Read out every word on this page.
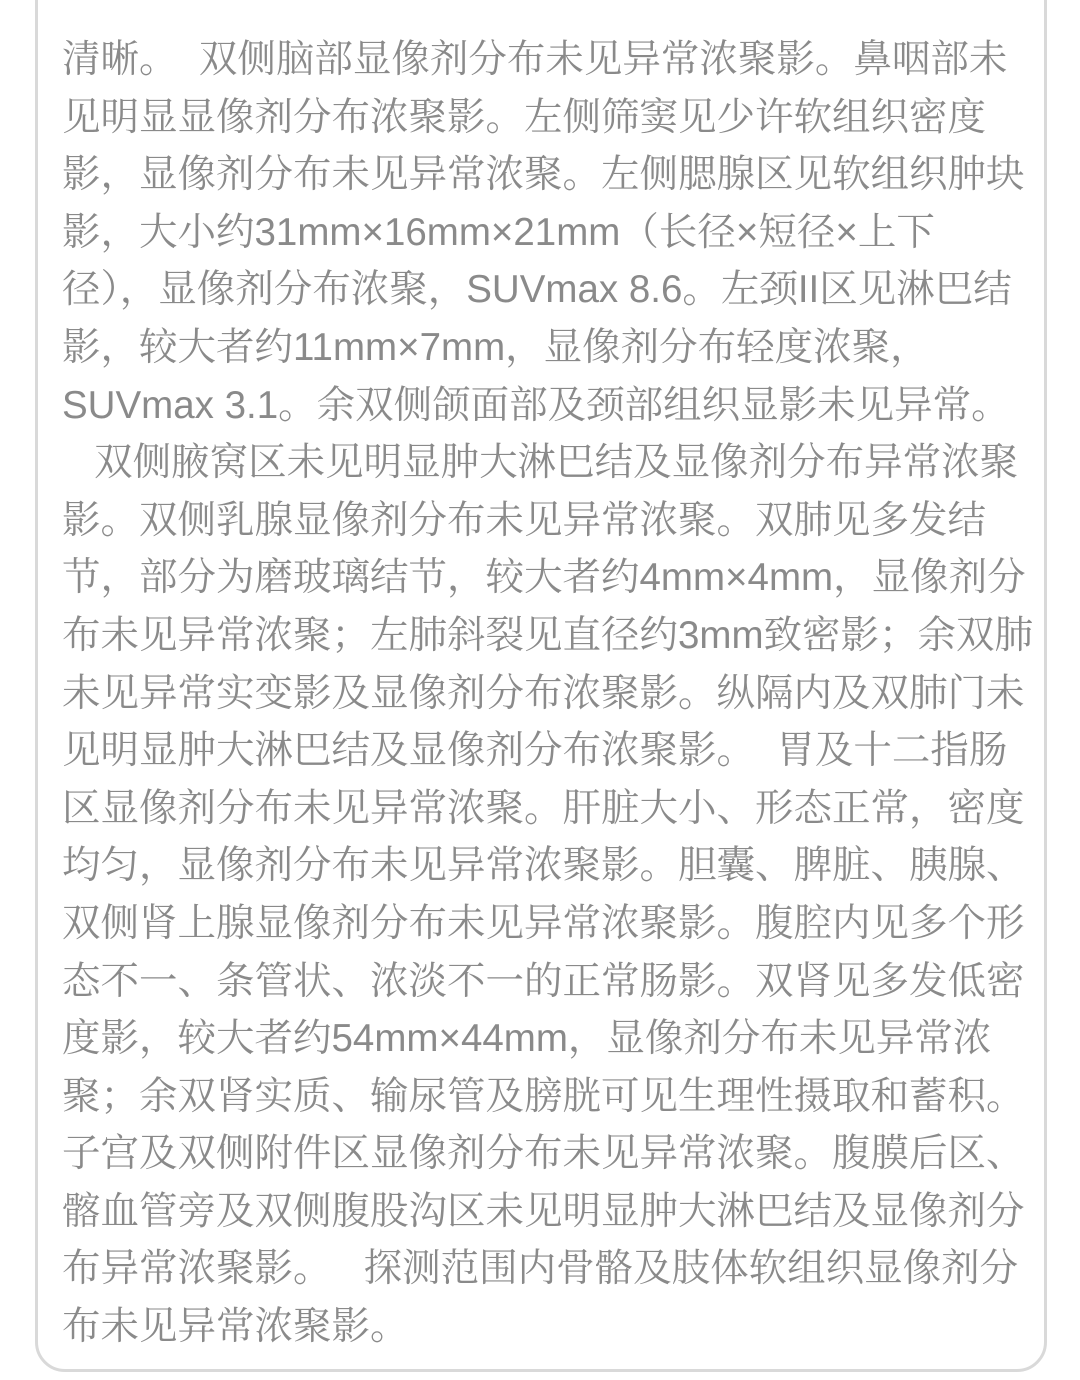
清晰。  双侧脑部显像剂分布未见异常浓聚影。鼻咽部未
见明显显像剂分布浓聚影。左侧筛窦见少许软组织密度
影，显像剂分布未见异常浓聚。左侧腮腺区见软组织肿块
影，大小约31mm×16mm×21mm（长径×短径×上下
径），显像剂分布浓聚，SUVmax 8.6。左颈II区见淋巴结
影，较大者约11mm×7mm，显像剂分布轻度浓聚，
SUVmax 3.1。余双侧颌面部及颈部组织显影未见异常。
双侧腋窝区未见明显肿大淋巴结及显像剂分布异常浓聚
影。双侧乳腺显像剂分布未见异常浓聚。双肺见多发结
节，部分为磨玻璃结节，较大者约4mm×4mm，显像剂分
布未见异常浓聚；左肺斜裂见直径约3mm致密影；余双肺
未见异常实变影及显像剂分布浓聚影。纵隔内及双肺门未
见明显肿大淋巴结及显像剂分布浓聚影。  胃及十二指肠
区显像剂分布未见异常浓聚。肝脏大小、形态正常，密度
均匀，显像剂分布未见异常浓聚影。胆囊、脾脏、胰腺、
双侧肾上腺显像剂分布未见异常浓聚影。腹腔内见多个形
态不一、条管状、浓淡不一的正常肠影。双肾见多发低密
度影，较大者约54mm×44mm，显像剂分布未见异常浓
聚；余双肾实质、输尿管及膀胱可见生理性摄取和蓄积。
子宫及双侧附件区显像剂分布未见异常浓聚。腹膜后区、
髂血管旁及双侧腹股沟区未见明显肿大淋巴结及显像剂分
布异常浓聚影。   探测范围内骨骼及肢体软组织显像剂分
布未见异常浓聚影。
